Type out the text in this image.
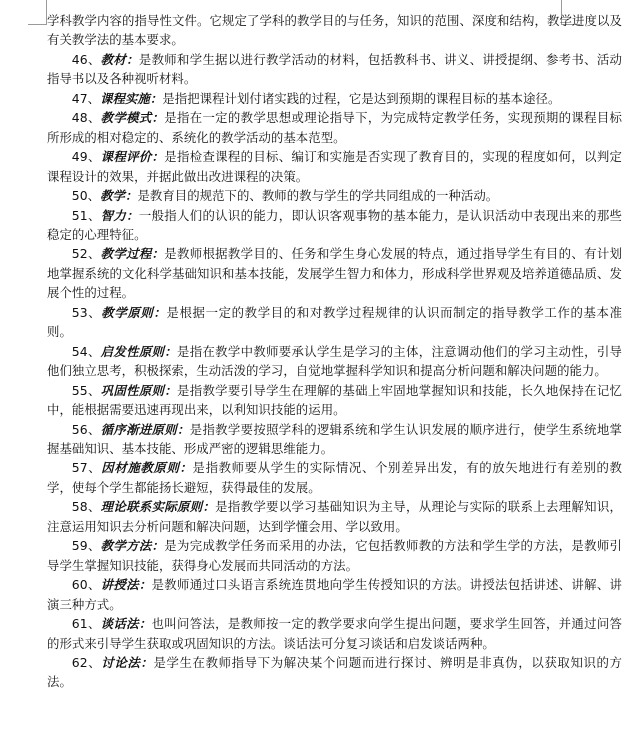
学科教学内容的指导性文件。它规定了学科的教学目的与任务，知识的范围、深度和结构，教学进度以及有关教学法的基本要求。

46、教材：是教师和学生据以进行教学活动的材料，包括教科书、讲义、讲授提纲、参考书、活动指导书以及各种视听材料。

47、课程实施：是指把课程计划付诸实践的过程，它是达到预期的课程目标的基本途径。

48、教学模式：是指在一定的教学思想或理论指导下，为完成特定教学任务，实现预期的课程目标所形成的相对稳定的、系统化的教学活动的基本范型。

49、课程评价：是指检查课程的目标、编订和实施是否实现了教育目的，实现的程度如何，以判定课程设计的效果，并据此做出改进课程的决策。

50、教学：是教育目的规范下的、教师的教与学生的学共同组成的一种活动。

51、智力：一般指人们的认识的能力，即认识客观事物的基本能力，是认识活动中表现出来的那些稳定的心理特征。

52、教学过程：是教师根据教学目的、任务和学生身心发展的特点，通过指导学生有目的、有计划地掌握系统的文化科学基础知识和基本技能，发展学生智力和体力，形成科学世界观及培养道德品质、发展个性的过程。

53、教学原则：是根据一定的教学目的和对教学过程规律的认识而制定的指导教学工作的基本准则。

54、启发性原则：是指在教学中教师要承认学生是学习的主体，注意调动他们的学习主动性，引导他们独立思考，积极探索，生动活泼的学习，自觉地掌握科学知识和提高分析问题和解决问题的能力。

55、巩固性原则：是指教学要引导学生在理解的基础上牢固地掌握知识和技能，长久地保持在记忆中，能根据需要迅速再现出来，以利知识技能的运用。

56、循序渐进原则：是指教学要按照学科的逻辑系统和学生认识发展的顺序进行，使学生系统地掌握基础知识、基本技能、形成严密的逻辑思维能力。

57、因材施教原则：是指教师要从学生的实际情况、个别差异出发，有的放矢地进行有差别的教学，使每个学生都能扬长避短，获得最佳的发展。

58、理论联系实际原则：是指教学要以学习基础知识为主导，从理论与实际的联系上去理解知识，注意运用知识去分析问题和解决问题，达到学懂会用、学以致用。

59、教学方法：是为完成教学任务而采用的办法，它包括教师教的方法和学生学的方法，是教师引导学生掌握知识技能，获得身心发展而共同活动的方法。

60、讲授法：是教师通过口头语言系统连贯地向学生传授知识的方法。讲授法包括讲述、讲解、讲演三种方式。

61、谈话法：也叫问答法，是教师按一定的教学要求向学生提出问题，要求学生回答，并通过问答的形式来引导学生获取或巩固知识的方法。谈话法可分复习谈话和启发谈话两种。

62、讨论法：是学生在教师指导下为解决某个问题而进行探讨、辨明是非真伪，以获取知识的方法。
